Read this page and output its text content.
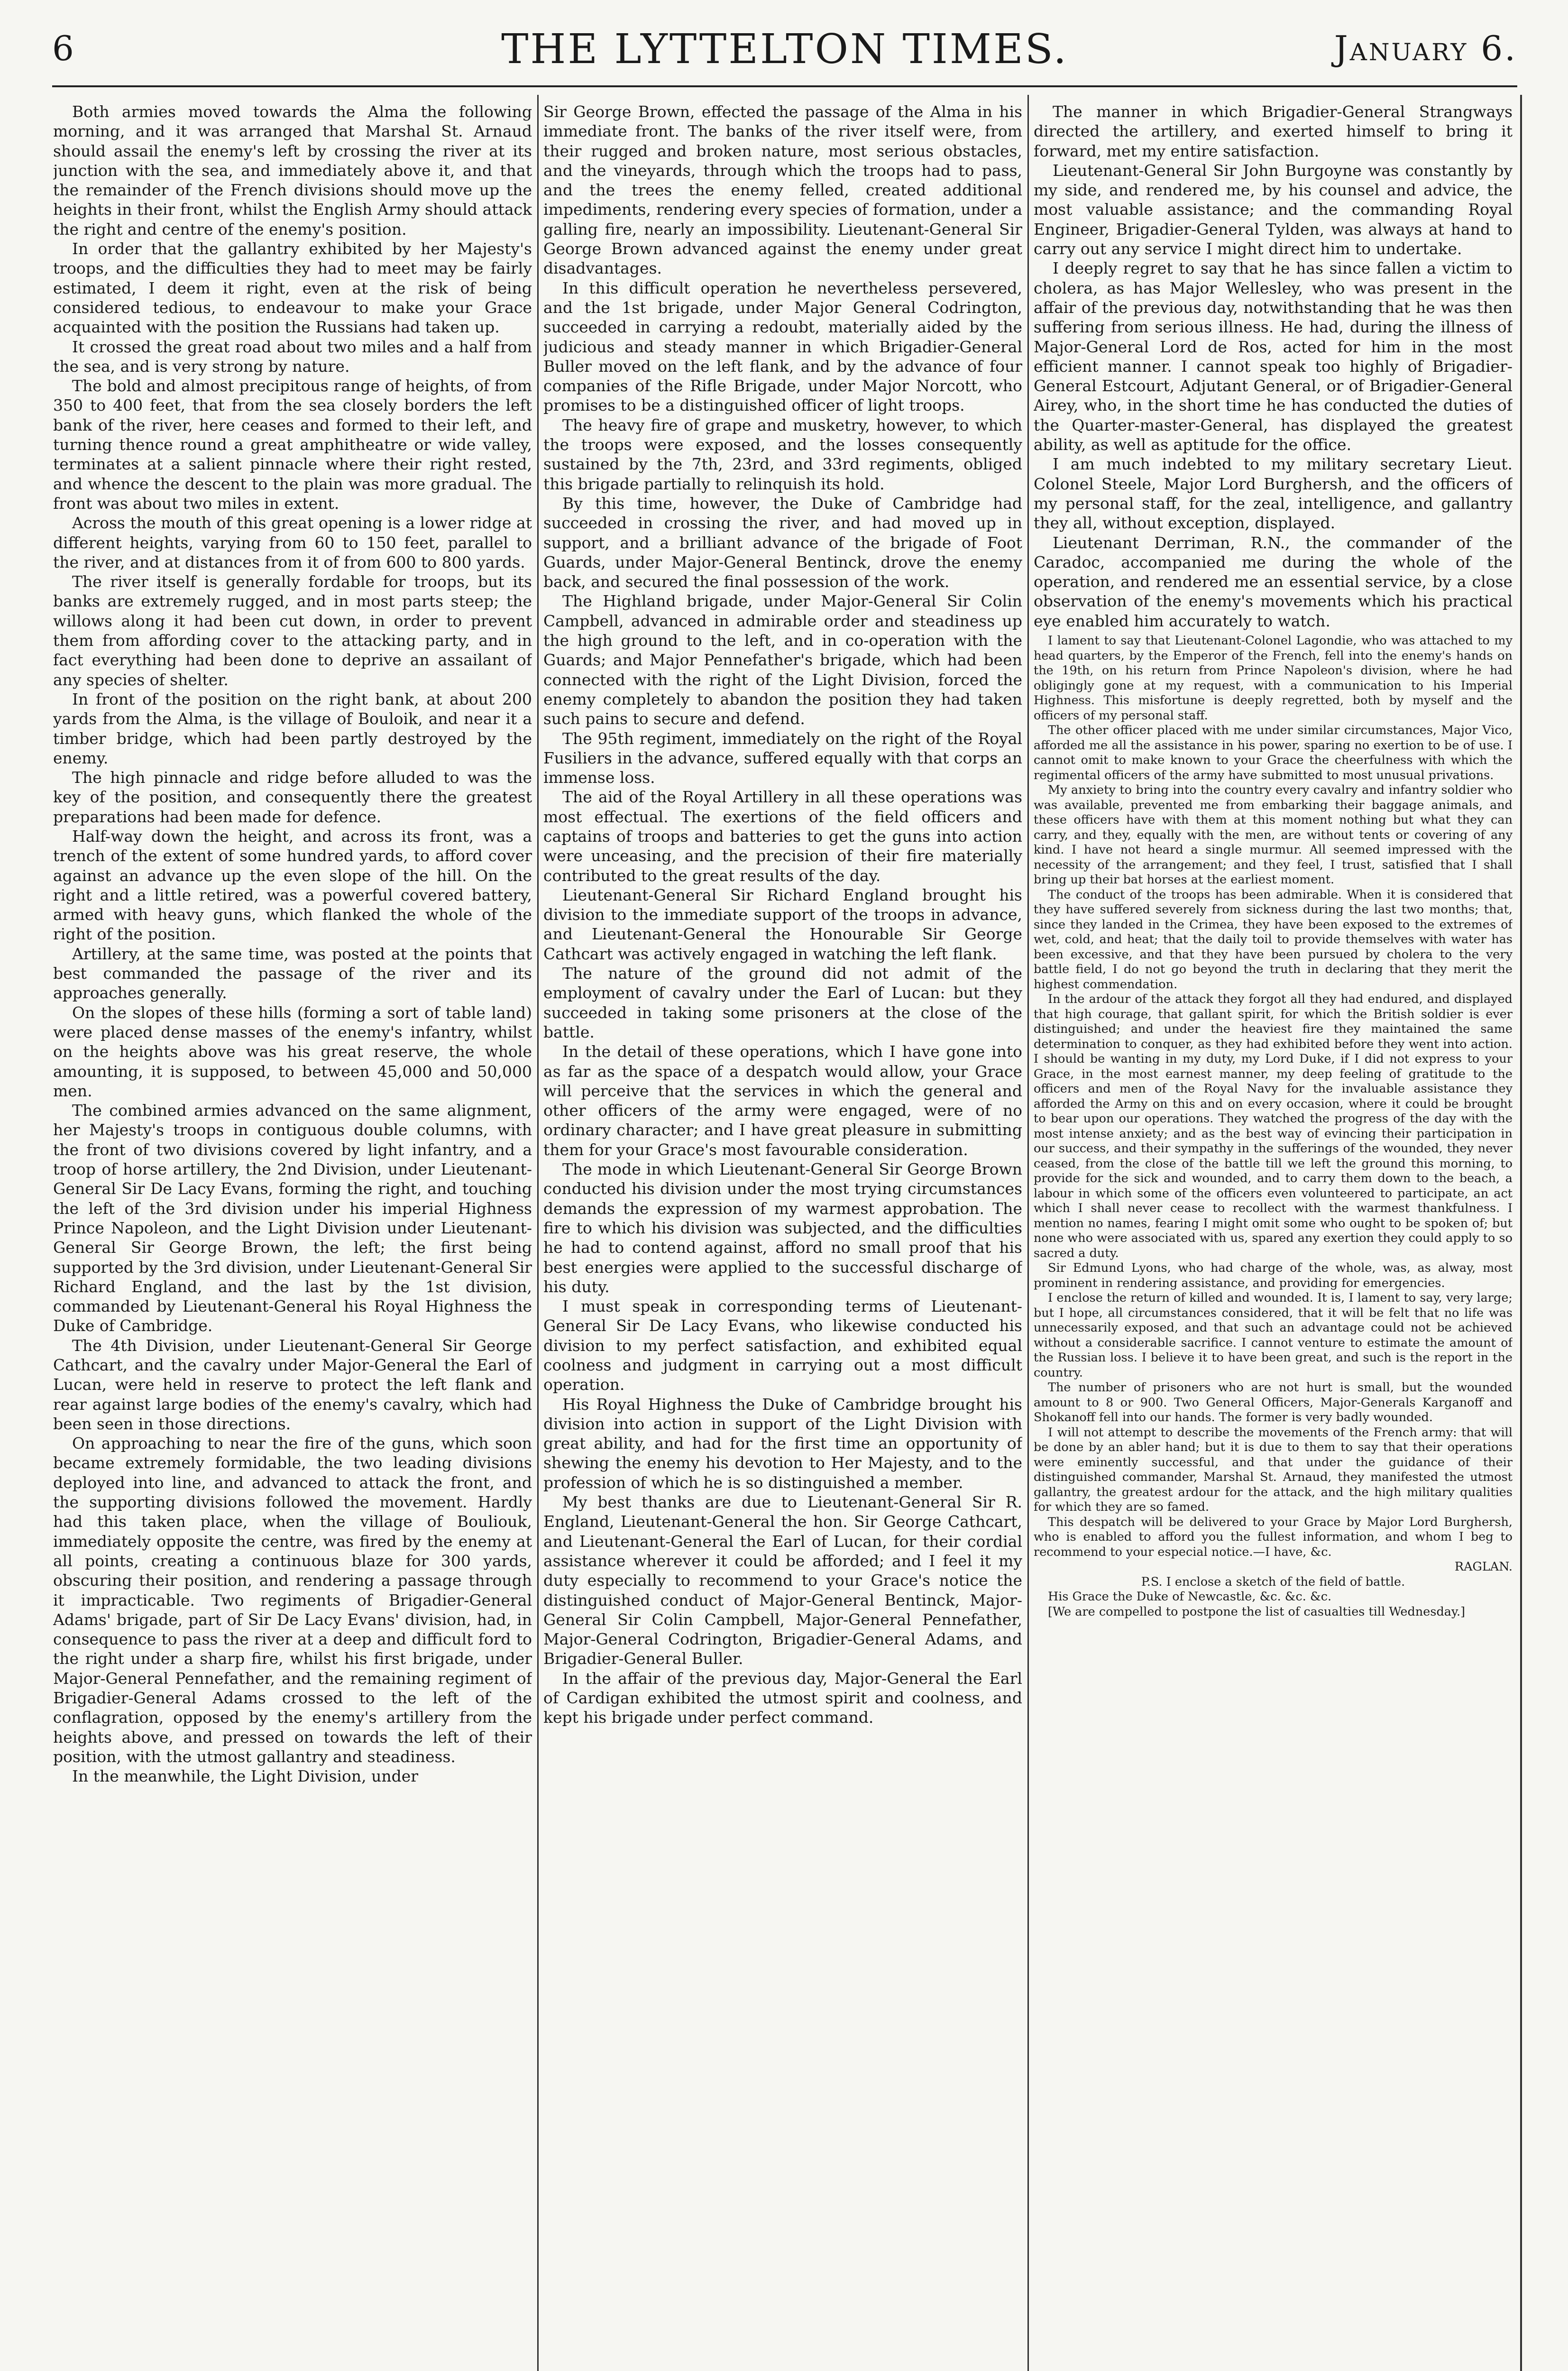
6	THE LYTTELTON TIMES.	January 6.

Both armies moved towards the Alma the following morning, and it was arranged that Marshal St. Arnaud should assail the enemy's left by crossing the river at its junction with the sea, and immediately above it, and that the remainder of the French divisions should move up the heights in their front, whilst the English Army should attack the right and centre of the enemy's position.

In order that the gallantry exhibited by her Majesty's troops, and the difficulties they had to meet may be fairly estimated, I deem it right, even at the risk of being considered tedious, to endeavour to make your Grace acquainted with the position the Russians had taken up.

It crossed the great road about two miles and a half from the sea, and is very strong by nature.

The bold and almost precipitous range of heights, of from 350 to 400 feet, that from the sea closely borders the left bank of the river, here ceases and formed to their left, and turning thence round a great amphitheatre or wide valley, terminates at a salient pinnacle where their right rested, and whence the descent to the plain was more gradual. The front was about two miles in extent.

Across the mouth of this great opening is a lower ridge at different heights, varying from 60 to 150 feet, parallel to the river, and at distances from it of from 600 to 800 yards.

The river itself is generally fordable for troops, but its banks are extremely rugged, and in most parts steep; the willows along it had been cut down, in order to prevent them from affording cover to the attacking party, and in fact everything had been done to deprive an assailant of any species of shelter.

In front of the position on the right bank, at about 200 yards from the Alma, is the village of Bouloik, and near it a timber bridge, which had been partly destroyed by the enemy.

The high pinnacle and ridge before alluded to was the key of the position, and consequently there the greatest preparations had been made for defence.

Half-way down the height, and across its front, was a trench of the extent of some hundred yards, to afford cover against an advance up the even slope of the hill. On the right and a little retired, was a powerful covered battery, armed with heavy guns, which flanked the whole of the right of the position.

Artillery, at the same time, was posted at the points that best commanded the passage of the river and its approaches generally.

On the slopes of these hills (forming a sort of table land) were placed dense masses of the enemy's infantry, whilst on the heights above was his great reserve, the whole amounting, it is supposed, to between 45,000 and 50,000 men.

The combined armies advanced on the same alignment, her Majesty's troops in contiguous double columns, with the front of two divisions covered by light infantry, and a troop of horse artillery, the 2nd Division, under Lieutenant-General Sir De Lacy Evans, forming the right, and touching the left of the 3rd division under his imperial Highness Prince Napoleon, and the Light Division under Lieutenant-General Sir George Brown, the left; the first being supported by the 3rd division, under Lieutenant-General Sir Richard England, and the last by the 1st division, commanded by Lieutenant-General his Royal Highness the Duke of Cambridge.

The 4th Division, under Lieutenant-General Sir George Cathcart, and the cavalry under Major-General the Earl of Lucan, were held in reserve to protect the left flank and rear against large bodies of the enemy's cavalry, which had been seen in those directions.

On approaching to near the fire of the guns, which soon became extremely formidable, the two leading divisions deployed into line, and advanced to attack the front, and the supporting divisions followed the movement. Hardly had this taken place, when the village of Bouliouk, immediately opposite the centre, was fired by the enemy at all points, creating a continuous blaze for 300 yards, obscuring their position, and rendering a passage through it impracticable. Two regiments of Brigadier-General Adams' brigade, part of Sir De Lacy Evans' division, had, in consequence to pass the river at a deep and difficult ford to the right under a sharp fire, whilst his first brigade, under Major-General Pennefather, and the remaining regiment of Brigadier-General Adams crossed to the left of the conflagration, opposed by the enemy's artillery from the heights above, and pressed on towards the left of their position, with the utmost gallantry and steadiness.

In the meanwhile, the Light Division, under

Sir George Brown, effected the passage of the Alma in his immediate front. The banks of the river itself were, from their rugged and broken nature, most serious obstacles, and the vineyards, through which the troops had to pass, and the trees the enemy felled, created additional impediments, rendering every species of formation, under a galling fire, nearly an impossibility. Lieutenant-General Sir George Brown advanced against the enemy under great disadvantages.

In this difficult operation he nevertheless persevered, and the 1st brigade, under Major General Codrington, succeeded in carrying a redoubt, materially aided by the judicious and steady manner in which Brigadier-General Buller moved on the left flank, and by the advance of four companies of the Rifle Brigade, under Major Norcott, who promises to be a distinguished officer of light troops.

The heavy fire of grape and musketry, however, to which the troops were exposed, and the losses consequently sustained by the 7th, 23rd, and 33rd regiments, obliged this brigade partially to relinquish its hold.

By this time, however, the Duke of Cambridge had succeeded in crossing the river, and had moved up in support, and a brilliant advance of the brigade of Foot Guards, under Major-General Bentinck, drove the enemy back, and secured the final possession of the work.

The Highland brigade, under Major-General Sir Colin Campbell, advanced in admirable order and steadiness up the high ground to the left, and in co-operation with the Guards; and Major Pennefather's brigade, which had been connected with the right of the Light Division, forced the enemy completely to abandon the position they had taken such pains to secure and defend.

The 95th regiment, immediately on the right of the Royal Fusiliers in the advance, suffered equally with that corps an immense loss.

The aid of the Royal Artillery in all these operations was most effectual. The exertions of the field officers and captains of troops and batteries to get the guns into action were unceasing, and the precision of their fire materially contributed to the great results of the day.

Lieutenant-General Sir Richard England brought his division to the immediate support of the troops in advance, and Lieutenant-General the Honourable Sir George Cathcart was actively engaged in watching the left flank.

The nature of the ground did not admit of the employment of cavalry under the Earl of Lucan: but they succeeded in taking some prisoners at the close of the battle.

In the detail of these operations, which I have gone into as far as the space of a despatch would allow, your Grace will perceive that the services in which the general and other officers of the army were engaged, were of no ordinary character; and I have great pleasure in submitting them for your Grace's most favourable consideration.

The mode in which Lieutenant-General Sir George Brown conducted his division under the most trying circumstances demands the expression of my warmest approbation. The fire to which his division was subjected, and the difficulties he had to contend against, afford no small proof that his best energies were applied to the successful discharge of his duty.

I must speak in corresponding terms of Lieutenant-General Sir De Lacy Evans, who likewise conducted his division to my perfect satisfaction, and exhibited equal coolness and judgment in carrying out a most difficult operation.

His Royal Highness the Duke of Cambridge brought his division into action in support of the Light Division with great ability, and had for the first time an opportunity of shewing the enemy his devotion to Her Majesty, and to the profession of which he is so distinguished a member.

My best thanks are due to Lieutenant-General Sir R. England, Lieutenant-General the hon. Sir George Cathcart, and Lieutenant-General the Earl of Lucan, for their cordial assistance wherever it could be afforded; and I feel it my duty especially to recommend to your Grace's notice the distinguished conduct of Major-General Bentinck, Major-General Sir Colin Campbell, Major-General Pennefather, Major-General Codrington, Brigadier-General Adams, and Brigadier-General Buller.

In the affair of the previous day, Major-General the Earl of Cardigan exhibited the utmost spirit and coolness, and kept his brigade under perfect command.

The manner in which Brigadier-General Strangways directed the artillery, and exerted himself to bring it forward, met my entire satisfaction.

Lieutenant-General Sir John Burgoyne was constantly by my side, and rendered me, by his counsel and advice, the most valuable assistance; and the commanding Royal Engineer, Brigadier-General Tylden, was always at hand to carry out any service I might direct him to undertake.

I deeply regret to say that he has since fallen a victim to cholera, as has Major Wellesley, who was present in the affair of the previous day, notwithstanding that he was then suffering from serious illness. He had, during the illness of Major-General Lord de Ros, acted for him in the most efficient manner. I cannot speak too highly of Brigadier-General Estcourt, Adjutant General, or of Brigadier-General Airey, who, in the short time he has conducted the duties of the Quarter-master-General, has displayed the greatest ability, as well as aptitude for the office.

I am much indebted to my military secretary Lieut. Colonel Steele, Major Lord Burghersh, and the officers of my personal staff, for the zeal, intelligence, and gallantry they all, without exception, displayed.

Lieutenant Derriman, R.N., the commander of the Caradoc, accompanied me during the whole of the operation, and rendered me an essential service, by a close observation of the enemy's movements which his practical eye enabled him accurately to watch.

I lament to say that Lieutenant-Colonel Lagondie, who was attached to my head quarters, by the Emperor of the French, fell into the enemy's hands on the 19th, on his return from Prince Napoleon's division, where he had obligingly gone at my request, with a communication to his Imperial Highness. This misfortune is deeply regretted, both by myself and the officers of my personal staff.

The other officer placed with me under similar circumstances, Major Vico, afforded me all the assistance in his power, sparing no exertion to be of use. I cannot omit to make known to your Grace the cheerfulness with which the regimental officers of the army have submitted to most unusual privations.

My anxiety to bring into the country every cavalry and infantry soldier who was available, prevented me from embarking their baggage animals, and these officers have with them at this moment nothing but what they can carry, and they, equally with the men, are without tents or covering of any kind. I have not heard a single murmur. All seemed impressed with the necessity of the arrangement; and they feel, I trust, satisfied that I shall bring up their bat horses at the earliest moment.

The conduct of the troops has been admirable. When it is considered that they have suffered severely from sickness during the last two months; that, since they landed in the Crimea, they have been exposed to the extremes of wet, cold, and heat; that the daily toil to provide themselves with water has been excessive, and that they have been pursued by cholera to the very battle field, I do not go beyond the truth in declaring that they merit the highest commendation.

In the ardour of the attack they forgot all they had endured, and displayed that high courage, that gallant spirit, for which the British soldier is ever distinguished; and under the heaviest fire they maintained the same determination to conquer, as they had exhibited before they went into action. I should be wanting in my duty, my Lord Duke, if I did not express to your Grace, in the most earnest manner, my deep feeling of gratitude to the officers and men of the Royal Navy for the invaluable assistance they afforded the Army on this and on every occasion, where it could be brought to bear upon our operations. They watched the progress of the day with the most intense anxiety; and as the best way of evincing their participation in our success, and their sympathy in the sufferings of the wounded, they never ceased, from the close of the battle till we left the ground this morning, to provide for the sick and wounded, and to carry them down to the beach, a labour in which some of the officers even volunteered to participate, an act which I shall never cease to recollect with the warmest thankfulness. I mention no names, fearing I might omit some who ought to be spoken of; but none who were associated with us, spared any exertion they could apply to so sacred a duty.

Sir Edmund Lyons, who had charge of the whole, was, as alway, most prominent in rendering assistance, and providing for emergencies.

I enclose the return of killed and wounded. It is, I lament to say, very large; but I hope, all circumstances considered, that it will be felt that no life was unnecessarily exposed, and that such an advantage could not be achieved without a considerable sacrifice. I cannot venture to estimate the amount of the Russian loss. I believe it to have been great, and such is the report in the country.

The number of prisoners who are not hurt is small, but the wounded amount to 8 or 900. Two General Officers, Major-Generals Karganoff and Shokanoff fell into our hands. The former is very badly wounded.

I will not attempt to describe the movements of the French army: that will be done by an abler hand; but it is due to them to say that their operations were eminently successful, and that under the guidance of their distinguished commander, Marshal St. Arnaud, they manifested the utmost gallantry, the greatest ardour for the attack, and the high military qualities for which they are so famed.

This despatch will be delivered to your Grace by Major Lord Burghersh, who is enabled to afford you the fullest information, and whom I beg to recommend to your especial notice.—I have, &c.

RAGLAN.

P.S. I enclose a sketch of the field of battle.

His Grace the Duke of Newcastle, &c. &c. &c.

[We are compelled to postpone the list of casualties till Wednesday.]
